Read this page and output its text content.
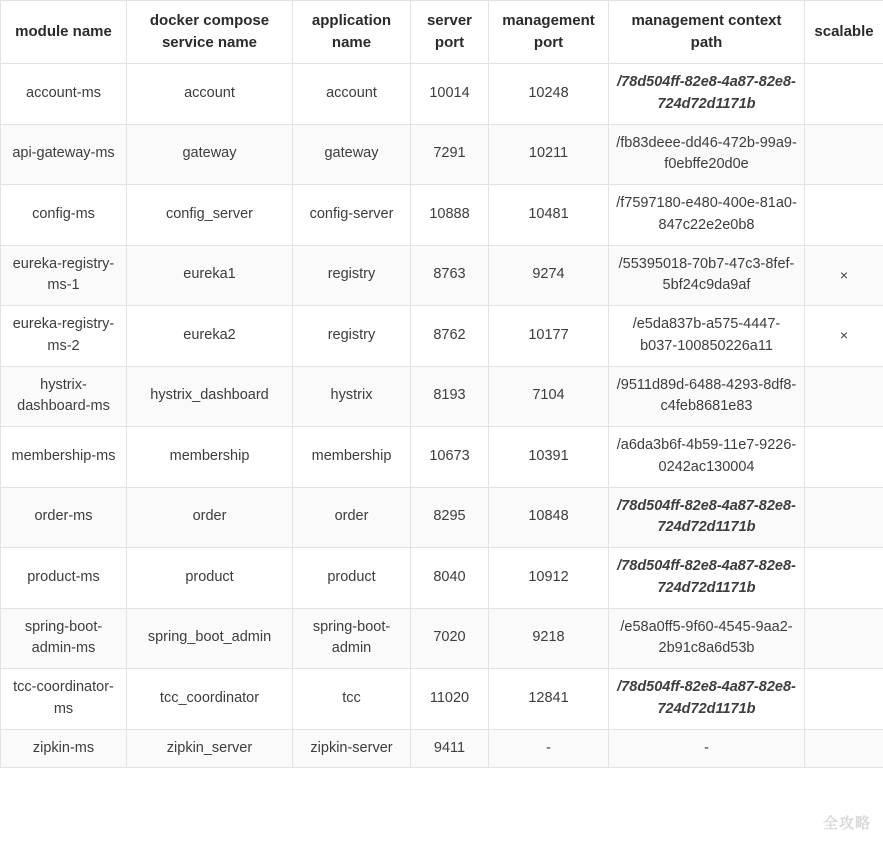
module name	docker compose service name	application name	server port	management port	management context path	scalable
account-ms	account	account	10014	10248	/78d504ff-82e8-4a87-82e8-724d72d1171b	
api-gateway-ms	gateway	gateway	7291	10211	/fb83deee-dd46-472b-99a9-f0ebffe20d0e	
config-ms	config_server	config-server	10888	10481	/f7597180-e480-400e-81a0-847c22e2e0b8	
eureka-registry-ms-1	eureka1	registry	8763	9274	/55395018-70b7-47c3-8fef-5bf24c9da9af	×
eureka-registry-ms-2	eureka2	registry	8762	10177	/e5da837b-a575-4447-b037-100850226a11	×
hystrix-dashboard-ms	hystrix_dashboard	hystrix	8193	7104	/9511d89d-6488-4293-8df8-c4feb8681e83	
membership-ms	membership	membership	10673	10391	/a6da3b6f-4b59-11e7-9226-0242ac130004	
order-ms	order	order	8295	10848	/78d504ff-82e8-4a87-82e8-724d72d1171b	
product-ms	product	product	8040	10912	/78d504ff-82e8-4a87-82e8-724d72d1171b	
spring-boot-admin-ms	spring_boot_admin	spring-boot-admin	7020	9218	/e58a0ff5-9f60-4545-9aa2-2b91c8a6d53b	
tcc-coordinator-ms	tcc_coordinator	tcc	11020	12841	/78d504ff-82e8-4a87-82e8-724d72d1171b	
zipkin-ms	zipkin_server	zipkin-server	9411	-	-	
全攻略
